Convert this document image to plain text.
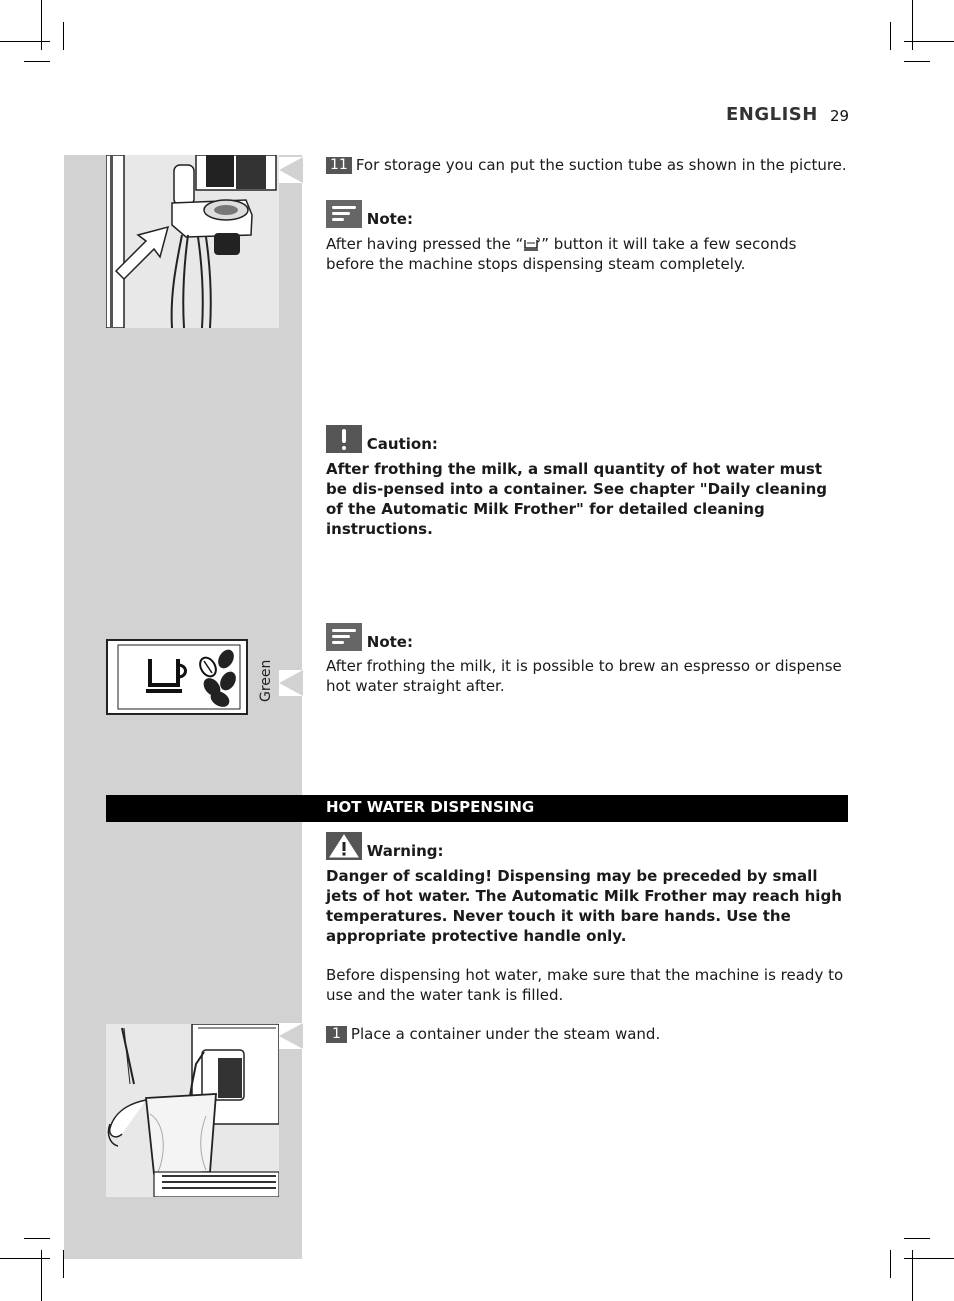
ENGLISH 29
11 For storage you can put the suction tube as shown in the picture.
Note:
After having pressed the “ ” button it will take a few seconds before the machine stops dispensing steam completely.
Caution:
After frothing the milk, a small quantity of hot water must be dis-pensed into a container. See chapter "Daily cleaning of the Automatic Milk Frother" for detailed cleaning instructions.
Green
Note:
After frothing the milk, it is possible to brew an espresso or dispense hot water straight after.
HOT WATER DISPENSING
Warning:
Danger of scalding! Dispensing may be preceded by small jets of hot water. The Automatic Milk Frother may reach high temperatures. Never touch it with bare hands. Use the appropriate protective handle only.
Before dispensing hot water, make sure that the machine is ready to use and the water tank is filled.
1 Place a container under the steam wand.
